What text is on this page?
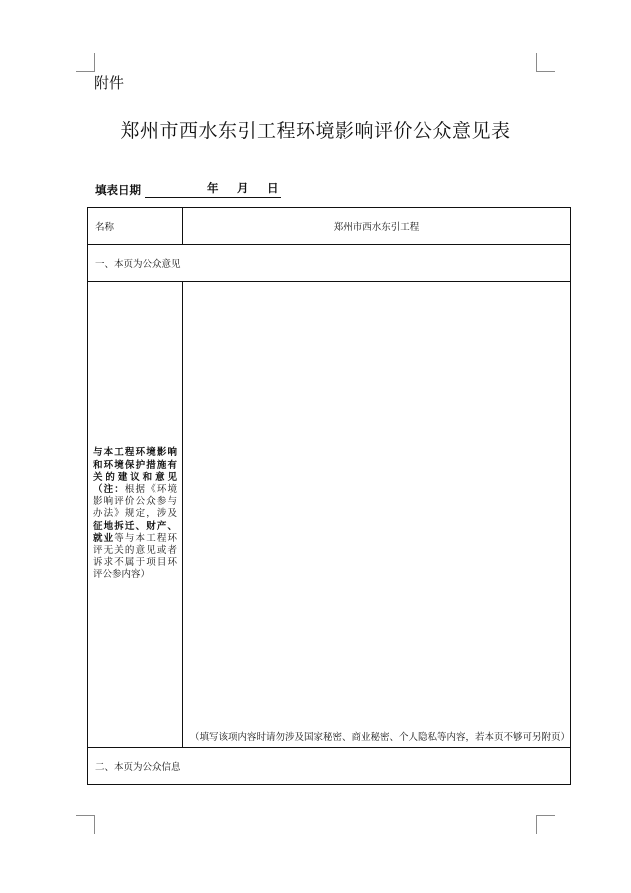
附件
郑州市西水东引工程环境影响评价公众意见表
填表日期	年 月 日
名称	郑州市西水东引工程
一、本页为公众意见	

与本工程环境影响和环境保护措施有关的建议和意见（注：根据《环境影响评价公众参与办法》规定，涉及征地拆迁、财产、就业等与本工程环评无关的意见或者诉求不属于项目环评公参内容）	（填写该项内容时请勿涉及国家秘密、商业秘密、个人隐私等内容，若本页不够可另附页）

二、本页为公众信息	
